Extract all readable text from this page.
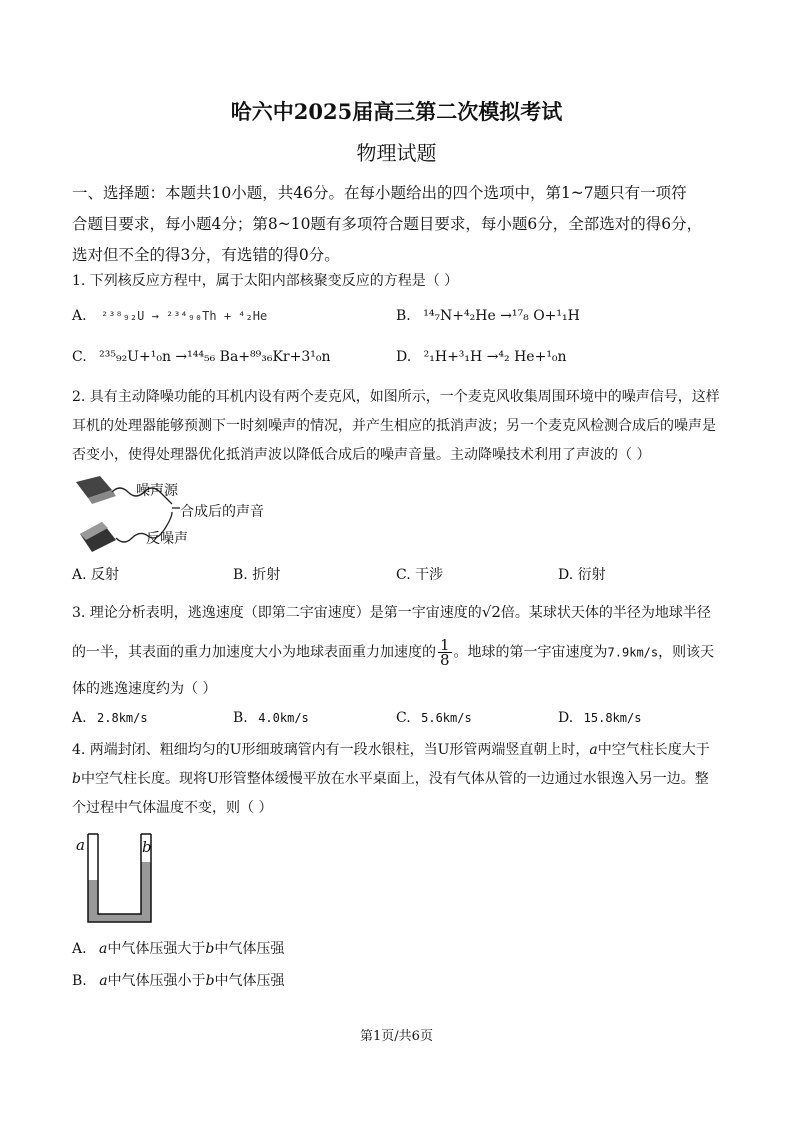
哈六中2025届高三第二次模拟考试
物理试题
一、选择题：本题共10小题，共46分。在每小题给出的四个选项中，第1~7题只有一项符
合题目要求，每小题4分；第8~10题有多项符合题目要求，每小题6分，全部选对的得6分，
选对但不全的得3分，有选错的得0分。
1. 下列核反应方程中，属于太阳内部核聚变反应的方程是（ ）
A. ²³⁸₉₂U → ²³⁴₉₀Th + ⁴₂He	B. ¹⁴₇N+⁴₂He →¹⁷₈ O+¹₁H
C. ²³⁵₉₂U+¹₀n →¹⁴⁴₅₆ Ba+⁸⁹₃₆Kr+3¹₀n	D. ²₁H+³₁H →⁴₂ He+¹₀n
2. 具有主动降噪功能的耳机内设有两个麦克风，如图所示，一个麦克风收集周围环境中的噪声信号，这样
耳机的处理器能够预测下一时刻噪声的情况，并产生相应的抵消声波；另一个麦克风检测合成后的噪声是
否变小，使得处理器优化抵消声波以降低合成后的噪声音量。主动降噪技术利用了声波的（ ）
噪声源
合成后的声音
反噪声
A. 反射	B. 折射	C. 干涉	D. 衍射
3. 理论分析表明，逃逸速度（即第二宇宙速度）是第一宇宙速度的√2倍。某球状天体的半径为地球半径
的一半，其表面的重力加速度大小为地球表面重力加速度的 $\frac{1}{8}$ 。地球的第一宇宙速度为7.9km/s，则该天
体的逃逸速度约为（ ）
A. 2.8km/s	B. 4.0km/s	C. 5.6km/s	D. 15.8km/s
4. 两端封闭、粗细均匀的U形细玻璃管内有一段水银柱，当U形管两端竖直朝上时，a中空气柱长度大于
b中空气柱长度。现将U形管整体缓慢平放在水平桌面上，没有气体从管的一边通过水银逸入另一边。整
个过程中气体温度不变，则（ ）
a	b
A. a中气体压强大于b中气体压强
B. a中气体压强小于b中气体压强
第1页/共6页
